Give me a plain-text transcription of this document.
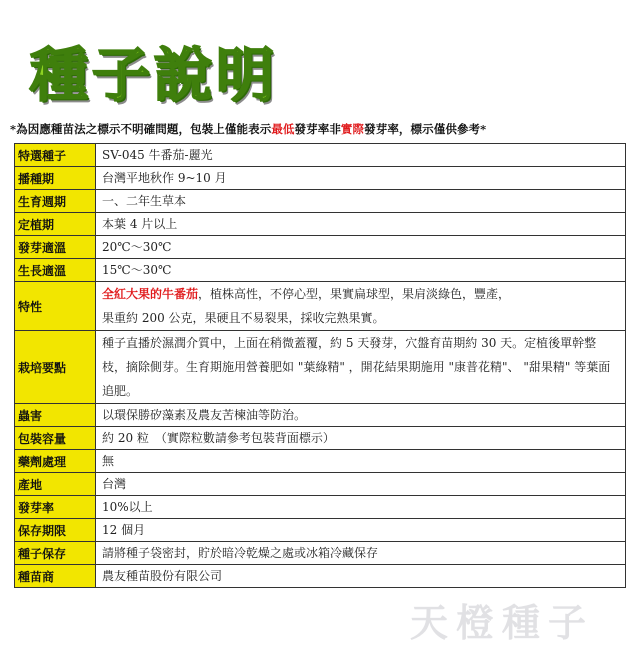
種子說明
*為因應種苗法之標示不明確問題，包裝上僅能表示最低發芽率非實際發芽率，標示僅供參考*
特選種子	SV-045 牛番茄-麗光
播種期	台灣平地秋作 9~10 月
生育週期	一、二年生草本
定植期	本葉 4 片以上
發芽適溫	20℃～30℃
生長適溫	15℃～30℃
特性	全紅大果的牛番茄，植株高性，不停心型，果實扁球型，果肩淡綠色，豐產，
果重約 200 公克，果硬且不易裂果，採收完熟果實。

栽培要點	種子直播於濕潤介質中，上面在稍微蓋覆，約 5 天發芽，穴盤育苗期約 30 天。定植後單幹整枝，摘除側芽。生育期施用營養肥如 "葉綠精" ，開花結果期施用 "康普花精"、 "甜果精" 等葉面追肥。

蟲害	以環保勝矽藻素及農友苦楝油等防治。
包裝容量	約 20 粒　（實際粒數請參考包裝背面標示）
藥劑處理	無
產地	台灣
發芽率	10%以上
保存期限	12 個月
種子保存	請將種子袋密封，貯於暗冷乾燥之處或冰箱冷藏保存
種苗商	農友種苗股份有限公司
天橙種子
